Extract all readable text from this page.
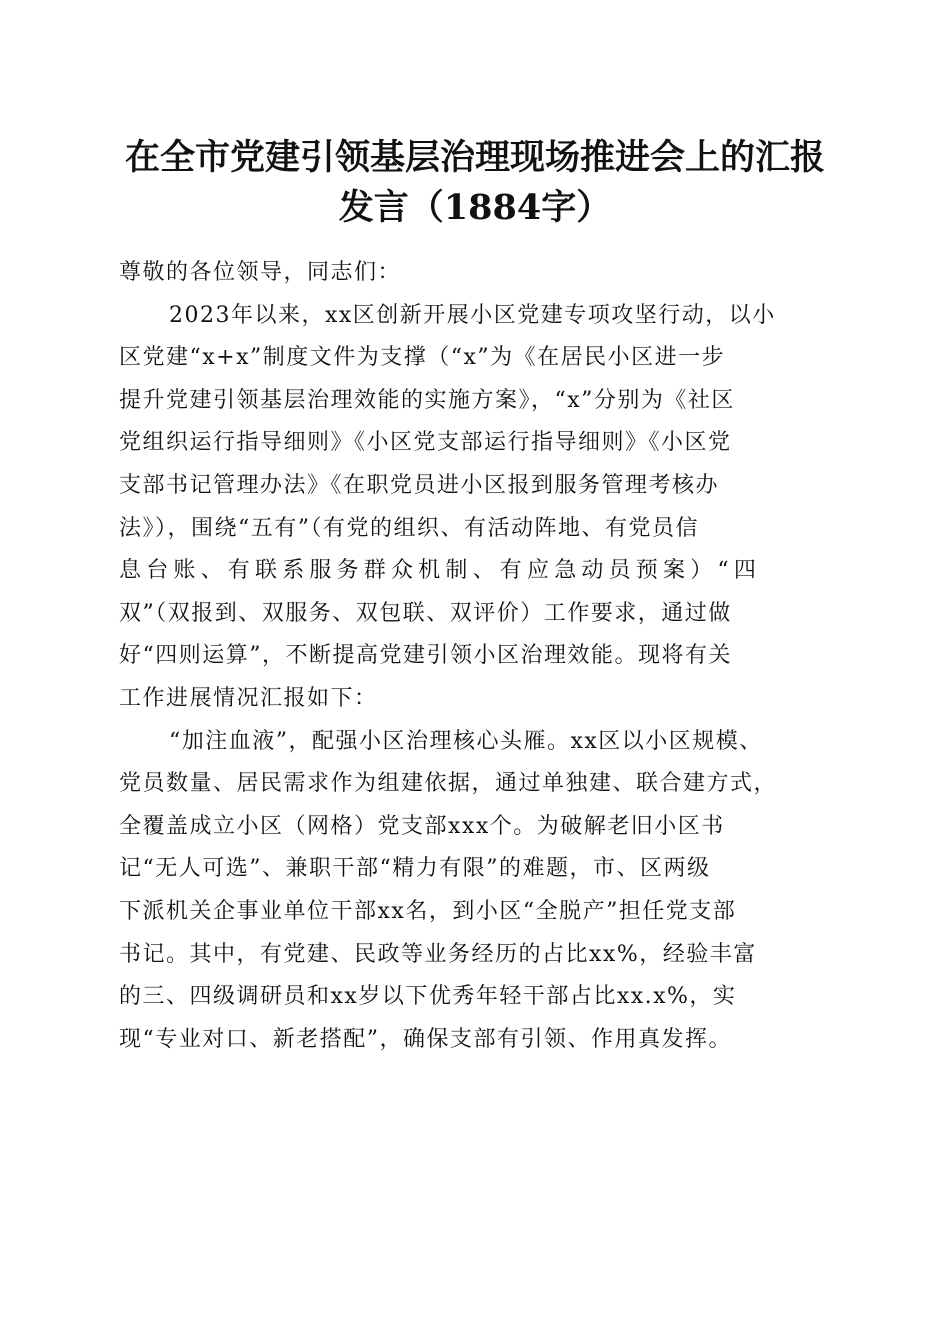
在全市党建引领基层治理现场推进会上的汇报
发言（1884字）
尊敬的各位领导，同志们：
2023年以来，xx区创新开展小区党建专项攻坚行动，以小
区党建“x+x”制度文件为支撑（“x”为《在居民小区进一步
提升党建引领基层治理效能的实施方案》，“x”分别为《社区
党组织运行指导细则》《小区党支部运行指导细则》《小区党
支部书记管理办法》《在职党员进小区报到服务管理考核办
法》），围绕“五有”（有党的组织、有活动阵地、有党员信
息台账、有联系服务群众机制、有应急动员预案）“四
双”（双报到、双服务、双包联、双评价）工作要求，通过做
好“四则运算”，不断提高党建引领小区治理效能。现将有关
工作进展情况汇报如下：
“加注血液”，配强小区治理核心头雁。xx区以小区规模、
党员数量、居民需求作为组建依据，通过单独建、联合建方式，
全覆盖成立小区（网格）党支部xxx个。为破解老旧小区书
记“无人可选”、兼职干部“精力有限”的难题，市、区两级
下派机关企事业单位干部xx名，到小区“全脱产”担任党支部
书记。其中，有党建、民政等业务经历的占比xx%，经验丰富
的三、四级调研员和xx岁以下优秀年轻干部占比xx.x%，实
现“专业对口、新老搭配”，确保支部有引领、作用真发挥。
